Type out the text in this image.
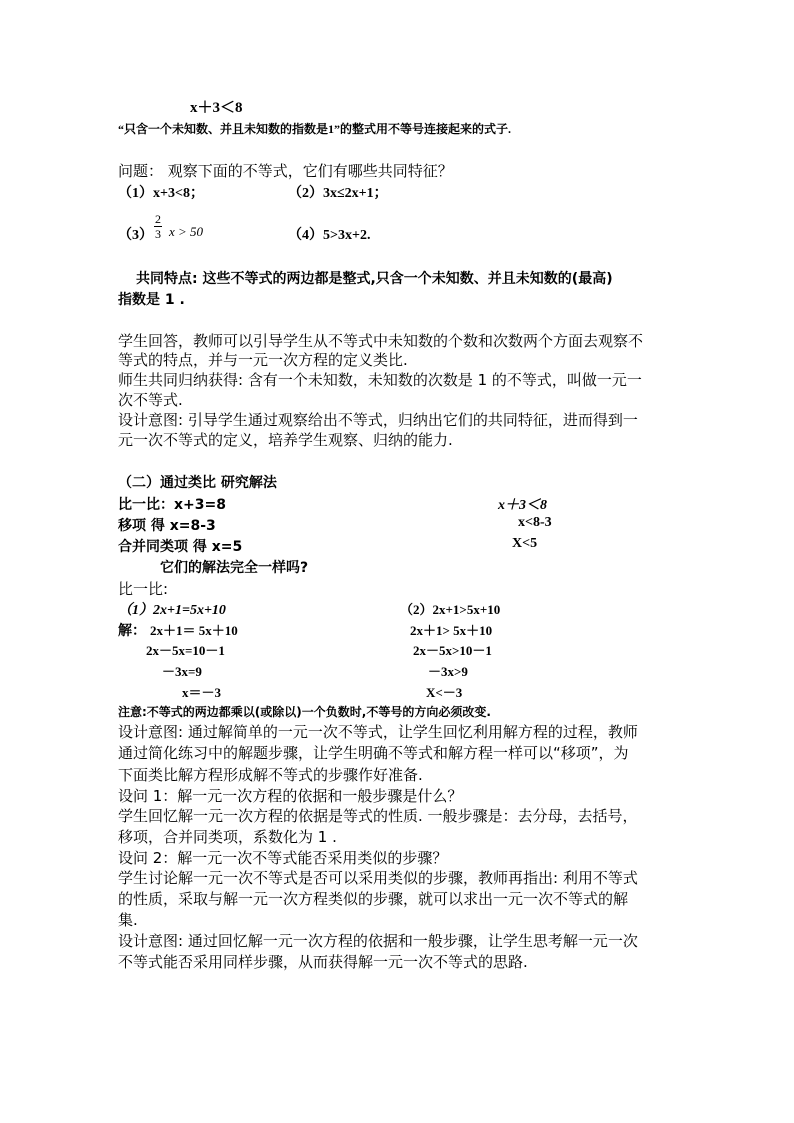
x＋3＜8
“只含一个未知数、并且未知数的指数是1”的整式用不等号连接起来的式子.
问题： 观察下面的不等式，它们有哪些共同特征？
（1）x+3<8；	（2）3x≤2x+1；
（3）
2
3 x > 50	（4）5>3x+2.
共同特点: 这些不等式的两边都是整式,只含一个未知数、并且未知数的(最高)
指数是 1 .
学生回答，教师可以引导学生从不等式中未知数的个数和次数两个方面去观察不
等式的特点，并与一元一次方程的定义类比.
师生共同归纳获得: 含有一个未知数，未知数的次数是 1 的不等式，叫做一元一
次不等式.
设计意图: 引导学生通过观察给出不等式，归纳出它们的共同特征，进而得到一
元一次不等式的定义，培养学生观察、归纳的能力.
（二）通过类比 研究解法
比一比：x+3=8	x＋3＜8
移项 得 x=8-3	x<8-3
合并同类项 得 x=5	X<5
它们的解法完全一样吗?
比一比:
（1）2x+1=5x+10	（2）2x+1>5x+10
解： 2x＋1＝ 5x＋10	2x＋1> 5x＋10
2x－5x=10－1	2x－5x>10－1
－3x=9	－3x>9
x＝－3	X<－3
注意:不等式的两边都乘以(或除以)一个负数时,不等号的方向必须改变.
设计意图: 通过解简单的一元一次不等式，让学生回忆利用解方程的过程，教师
通过简化练习中的解题步骤，让学生明确不等式和解方程一样可以“移项”，为
下面类比解方程形成解不等式的步骤作好准备.
设问 1：解一元一次方程的依据和一般步骤是什么？
学生回忆解一元一次方程的依据是等式的性质. 一般步骤是：去分母，去括号，
移项，合并同类项，系数化为 1 .
设问 2：解一元一次不等式能否采用类似的步骤？
学生讨论解一元一次不等式是否可以采用类似的步骤，教师再指出: 利用不等式
的性质，采取与解一元一次方程类似的步骤，就可以求出一元一次不等式的解
集.
设计意图: 通过回忆解一元一次方程的依据和一般步骤，让学生思考解一元一次
不等式能否采用同样步骤，从而获得解一元一次不等式的思路.
